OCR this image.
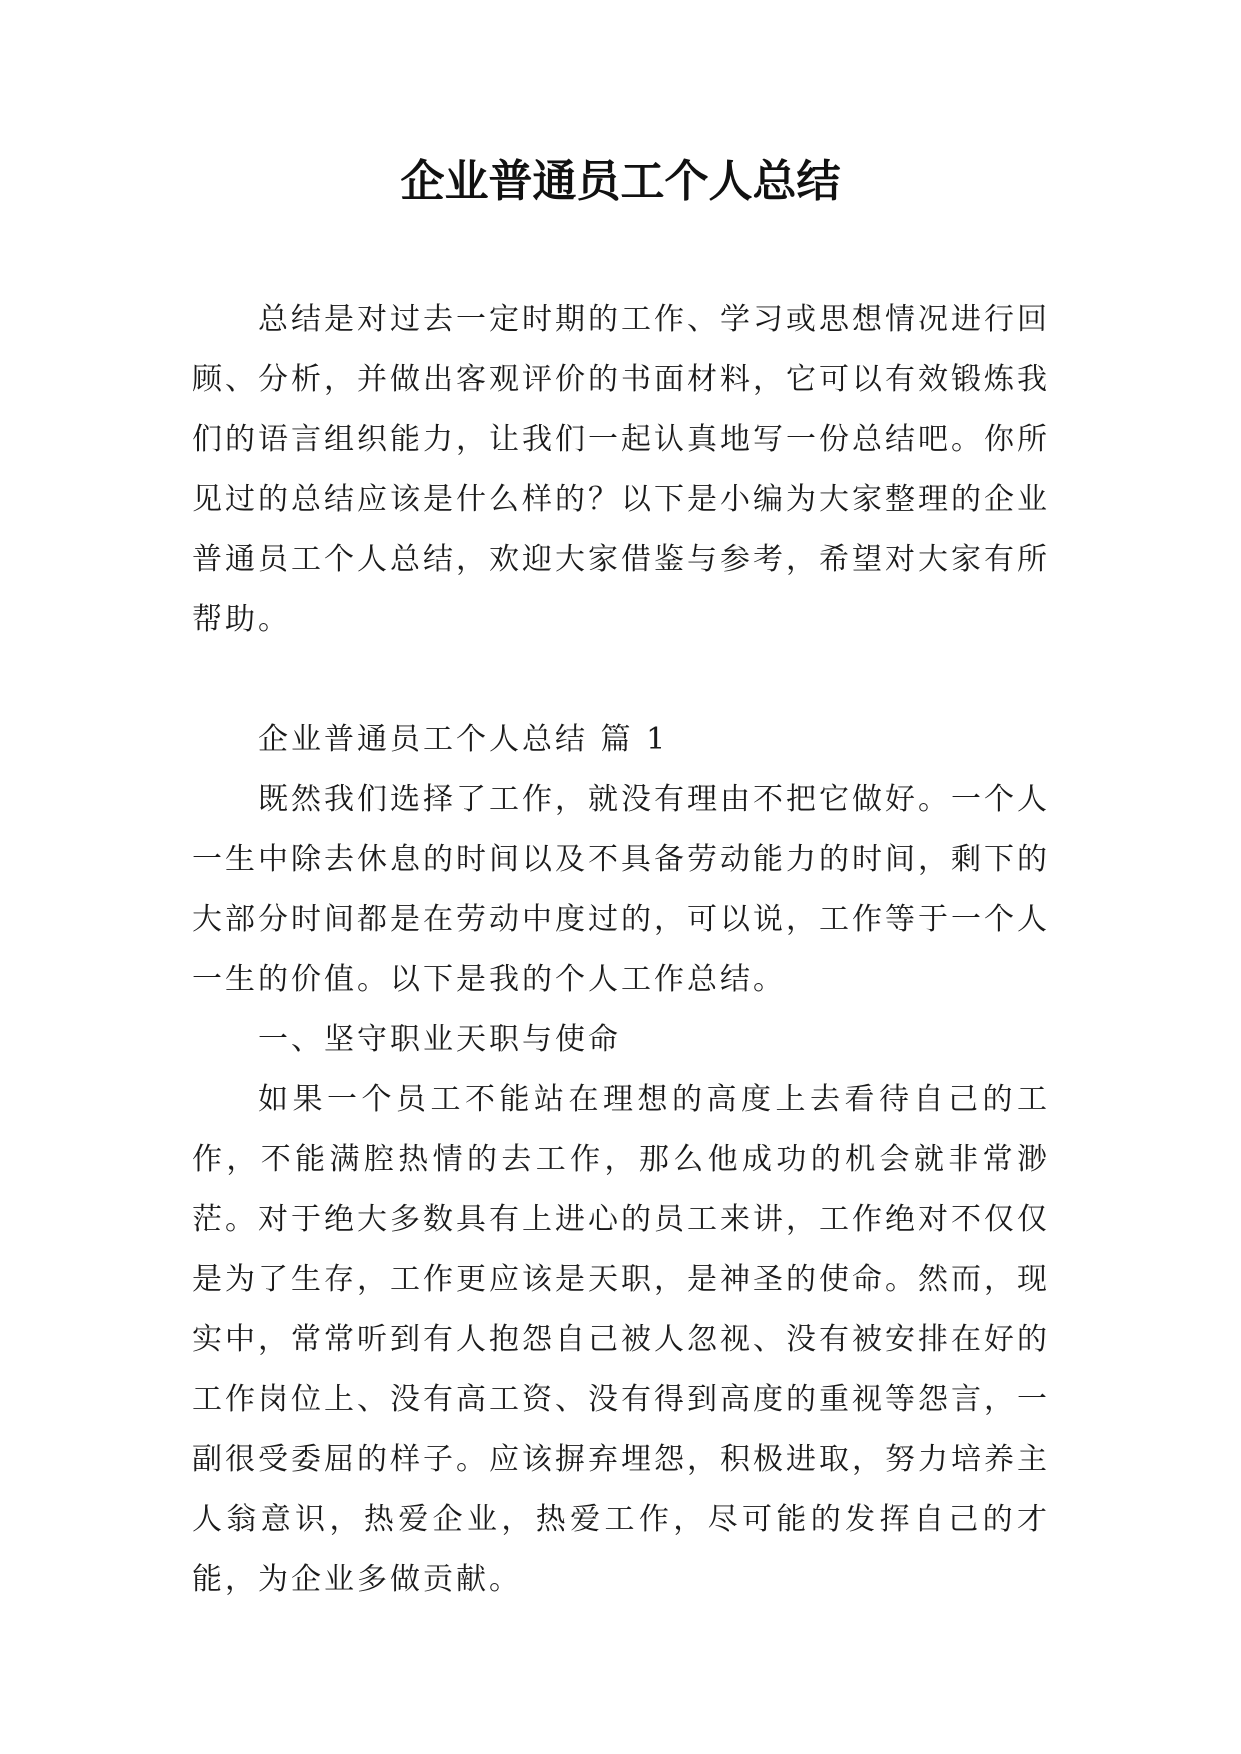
企业普通员工个人总结

总结是对过去一定时期的工作、学习或思想情况进行回顾、分析，并做出客观评价的书面材料，它可以有效锻炼我们的语言组织能力，让我们一起认真地写一份总结吧。你所见过的总结应该是什么样的？以下是小编为大家整理的企业普通员工个人总结，欢迎大家借鉴与参考，希望对大家有所帮助。

企业普通员工个人总结 篇 1

既然我们选择了工作，就没有理由不把它做好。一个人一生中除去休息的时间以及不具备劳动能力的时间，剩下的大部分时间都是在劳动中度过的，可以说，工作等于一个人一生的价值。以下是我的个人工作总结。

一、坚守职业天职与使命

如果一个员工不能站在理想的高度上去看待自己的工作，不能满腔热情的去工作，那么他成功的机会就非常渺茫。对于绝大多数具有上进心的员工来讲，工作绝对不仅仅是为了生存，工作更应该是天职，是神圣的使命。然而，现实中，常常听到有人抱怨自己被人忽视、没有被安排在好的工作岗位上、没有高工资、没有得到高度的重视等怨言，一副很受委屈的样子。应该摒弃埋怨，积极进取，努力培养主人翁意识，热爱企业，热爱工作，尽可能的发挥自己的才能，为企业多做贡献。
